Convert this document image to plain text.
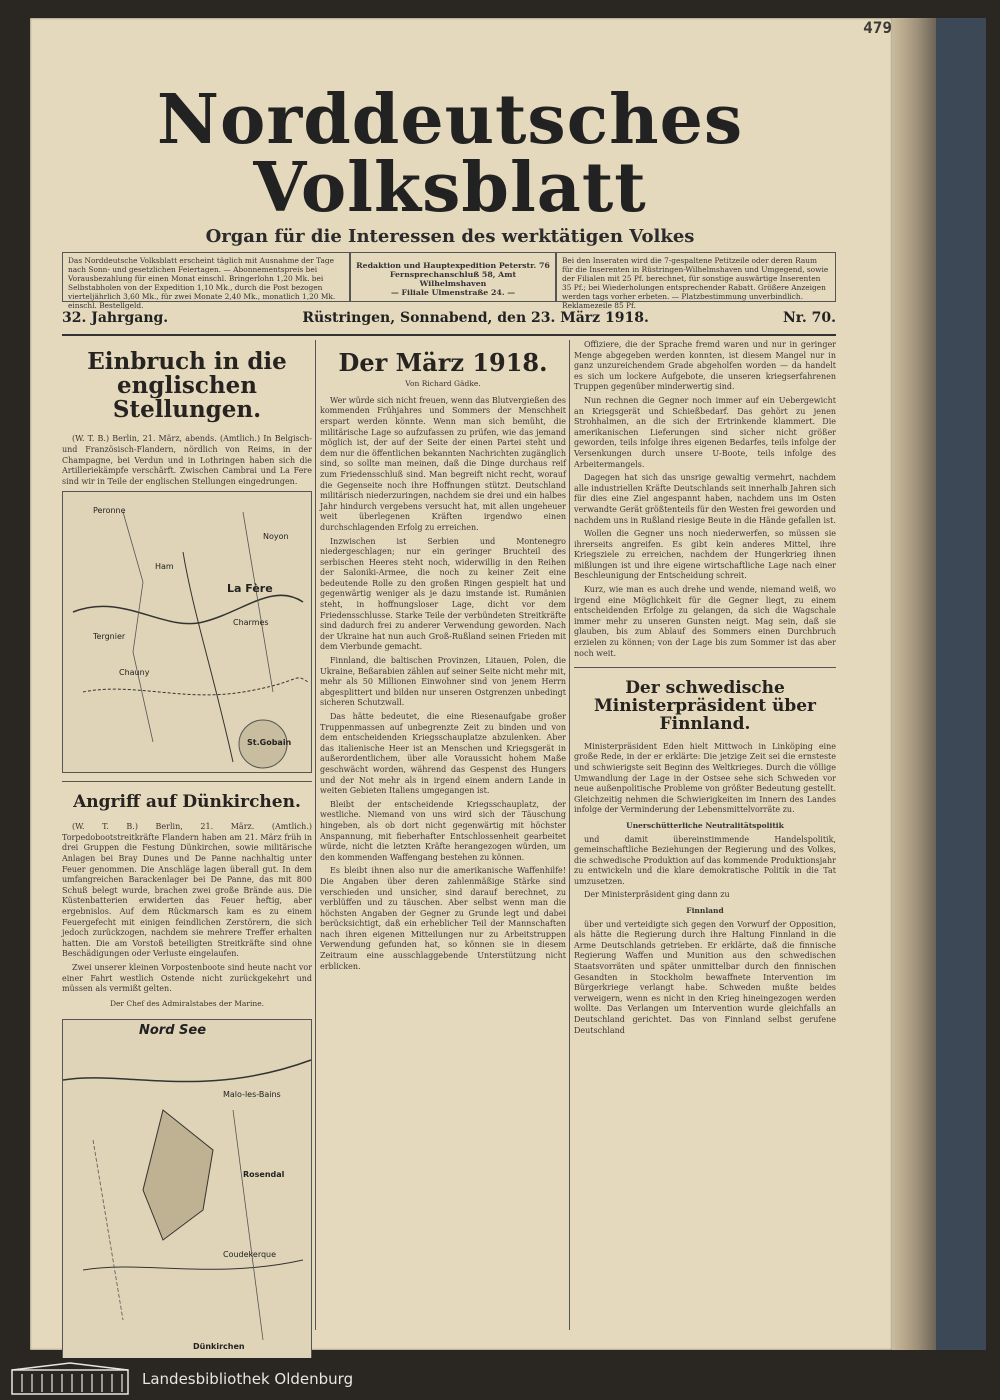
479
Norddeutsches Volksblatt
Organ für die Interessen des werktätigen Volkes
Das Norddeutsche Volksblatt erscheint täglich mit Ausnahme der Tage nach Sonn- und gesetzlichen Feiertagen. — Abonnementspreis bei Vorausbezahlung für einen Monat einschl. Bringerlohn 1,20 Mk. bei Selbstabholen von der Expedition 1,10 Mk., durch die Post bezogen vierteljährlich 3,60 Mk., für zwei Monate 2,40 Mk., monatlich 1,20 Mk. einschl. Bestellgeld.
Redaktion und Hauptexpedition Peterstr. 76
Fernsprechanschluß 58, Amt Wilhelmshaven
— Filiale Ulmenstraße 24. —
Bei den Inseraten wird die 7-gespaltene Petitzeile oder deren Raum für die Inserenten in Rüstringen-Wilhelmshaven und Umgegend, sowie der Filialen mit 25 Pf. berechnet, für sonstige auswärtige Inserenten 35 Pf.; bei Wiederholungen entsprechender Rabatt. Größere Anzeigen werden tags vorher erbeten. — Platzbestimmung unverbindlich. Reklamezeile 85 Pf.
32. Jahrgang.	Rüstringen, Sonnabend, den 23. März 1918.	Nr. 70.
Einbruch in die englischen Stellungen.

(W. T. B.) Berlin, 21. März, abends. (Amtlich.) In Belgisch- und Französisch-Flandern, nördlich von Reims, in der Champagne, bei Verdun und in Lothringen haben sich die Artilleriekämpfe verschärft. Zwischen Cambrai und La Fere sind wir in Teile der englischen Stellungen eingedrungen.

Peronne
Ham
Tergnier
La Fère
Charmes
Chauny
Noyon
St.Gobain
Angriff auf Dünkirchen.

(W. T. B.) Berlin, 21. März. (Amtlich.) Torpedobootstreitkräfte Flandern haben am 21. März früh in drei Gruppen die Festung Dünkirchen, sowie militärische Anlagen bei Bray Dunes und De Panne nachhaltig unter Feuer genommen. Die Anschläge lagen überall gut. In dem umfangreichen Barackenlager bei De Panne, das mit 800 Schuß belegt wurde, brachen zwei große Brände aus. Die Küstenbatterien erwiderten das Feuer heftig, aber ergebnislos. Auf dem Rückmarsch kam es zu einem Feuergefecht mit einigen feindlichen Zerstörern, die sich jedoch zurückzogen, nachdem sie mehrere Treffer erhalten hatten. Die am Vorstoß beteiligten Streitkräfte sind ohne Beschädigungen oder Verluste eingelaufen.

Zwei unserer kleinen Vorpostenboote sind heute nacht vor einer Fahrt westlich Ostende nicht zurückgekehrt und müssen als vermißt gelten.

Der Chef des Admiralstabes der Marine.
Nord See
Rosendal
Dünkirchen
Malo-les-Bains
Coudekerque
Der März 1918.
Von Richard Gädke.

Wer würde sich nicht freuen, wenn das Blutvergießen des kommenden Frühjahres und Sommers der Menschheit erspart werden könnte. Wenn man sich bemüht, die militärische Lage so aufzufassen zu prüfen, wie das jemand möglich ist, der auf der Seite der einen Partei steht und dem nur die öffentlichen bekannten Nachrichten zugänglich sind, so sollte man meinen, daß die Dinge durchaus reif zum Friedensschluß sind. Man begreift nicht recht, worauf die Gegenseite noch ihre Hoffnungen stützt. Deutschland militärisch niederzuringen, nachdem sie drei und ein halbes Jahr hindurch vergebens versucht hat, mit allen ungeheuer weit überlegenen Kräften irgendwo einen durchschlagenden Erfolg zu erreichen.

Inzwischen ist Serbien und Montenegro niedergeschlagen; nur ein geringer Bruchteil des serbischen Heeres steht noch, widerwillig in den Reihen der Saloniki-Armee, die noch zu keiner Zeit eine bedeutende Rolle zu den großen Ringen gespielt hat und gegenwärtig weniger als je dazu imstande ist. Rumänien steht, in hoffnungsloser Lage, dicht vor dem Friedensschlusse. Starke Teile der verbündeten Streitkräfte sind dadurch frei zu anderer Verwendung geworden. Nach der Ukraine hat nun auch Groß-Rußland seinen Frieden mit dem Vierbunde gemacht.

Finnland, die baltischen Provinzen, Litauen, Polen, die Ukraine, Beßarabien zählen auf seiner Seite nicht mehr mit, mehr als 50 Millionen Einwohner sind von jenem Herrn abgesplittert und bilden nur unseren Ostgrenzen unbedingt sicheren Schutzwall.

Das hätte bedeutet, die eine Riesenaufgabe großer Truppenmassen auf unbegrenzte Zeit zu binden und von dem entscheidenden Kriegsschauplatze abzulenken. Aber das italienische Heer ist an Menschen und Kriegsgerät in außerordentlichem, über alle Voraussicht hohem Maße geschwächt worden, während das Gespenst des Hungers und der Not mehr als in irgend einem andern Lande in weiten Gebieten Italiens umgegangen ist.

Bleibt der entscheidende Kriegsschauplatz, der westliche. Niemand von uns wird sich der Täuschung hingeben, als ob dort nicht gegenwärtig mit höchster Anspannung, mit fieberhafter Entschlossenheit gearbeitet würde, nicht die letzten Kräfte herangezogen würden, um den kommenden Waffengang bestehen zu können.

Es bleibt ihnen also nur die amerikanische Waffenhilfe! Die Angaben über deren zahlenmäßige Stärke sind verschieden und unsicher, sind darauf berechnet, zu verblüffen und zu täuschen. Aber selbst wenn man die höchsten Angaben der Gegner zu Grunde legt und dabei berücksichtigt, daß ein erheblicher Teil der Mannschaften nach ihren eigenen Mitteilungen nur zu Arbeitstruppen Verwendung gefunden hat, so können sie in diesem Zeitraum eine ausschlaggebende Unterstützung nicht erblicken.

Offiziere, die der Sprache fremd waren und nur in geringer Menge abgegeben werden konnten, ist diesem Mangel nur in ganz unzureichendem Grade abgeholfen worden — da handelt es sich um lockere Aufgebote, die unseren kriegserfahrenen Truppen gegenüber minderwertig sind.

Nun rechnen die Gegner noch immer auf ein Uebergewicht an Kriegsgerät und Schießbedarf. Das gehört zu jenen Strohhalmen, an die sich der Ertrinkende klammert. Die amerikanischen Lieferungen sind sicher nicht größer geworden, teils infolge ihres eigenen Bedarfes, teils infolge der Versenkungen durch unsere U-Boote, teils infolge des Arbeitermangels.

Dagegen hat sich das unsrige gewaltig vermehrt, nachdem alle industriellen Kräfte Deutschlands seit innerhalb Jahren sich für dies eine Ziel angespannt haben, nachdem uns im Osten verwandte Gerät größtenteils für den Westen frei geworden und nachdem uns in Rußland riesige Beute in die Hände gefallen ist.

Wollen die Gegner uns noch niederwerfen, so müssen sie ihrerseits angreifen. Es gibt kein anderes Mittel, ihre Kriegsziele zu erreichen, nachdem der Hungerkrieg ihnen mißlungen ist und ihre eigene wirtschaftliche Lage nach einer Beschleunigung der Entscheidung schreit.

Kurz, wie man es auch drehe und wende, niemand weiß, wo irgend eine Möglichkeit für die Gegner liegt, zu einem entscheidenden Erfolge zu gelangen, da sich die Wagschale immer mehr zu unseren Gunsten neigt. Mag sein, daß sie glauben, bis zum Ablauf des Sommers einen Durchbruch erzielen zu können; von der Lage bis zum Sommer ist das aber noch weit.

Der schwedische Ministerpräsident über Finnland.

Ministerpräsident Eden hielt Mittwoch in Linköping eine große Rede, in der er erklärte: Die jetzige Zeit sei die ernsteste und schwierigste seit Beginn des Weltkrieges. Durch die völlige Umwandlung der Lage in der Ostsee sehe sich Schweden vor neue außenpolitische Probleme von größter Bedeutung gestellt. Gleichzeitig nehmen die Schwierigkeiten im Innern des Landes infolge der Verminderung der Lebensmittelvorräte zu.

Unerschütterliche Neutralitätspolitik

und damit übereinstimmende Handelspolitik, gemeinschaftliche Beziehungen der Regierung und des Volkes, die schwedische Produktion auf das kommende Produktionsjahr zu entwickeln und die klare demokratische Politik in die Tat umzusetzen.

Der Ministerpräsident ging dann zu

Finnland

über und verteidigte sich gegen den Vorwurf der Opposition, als hätte die Regierung durch ihre Haltung Finnland in die Arme Deutschlands getrieben. Er erklärte, daß die finnische Regierung Waffen und Munition aus den schwedischen Staatsvorräten und später unmittelbar durch den finnischen Gesandten in Stockholm bewaffnete Intervention im Bürgerkriege verlangt habe. Schweden mußte beides verweigern, wenn es nicht in den Krieg hineingezogen werden wollte. Das Verlangen um Intervention wurde gleichfalls an Deutschland gerichtet. Das von Finnland selbst gerufene Deutschland

Landesbibliothek Oldenburg
